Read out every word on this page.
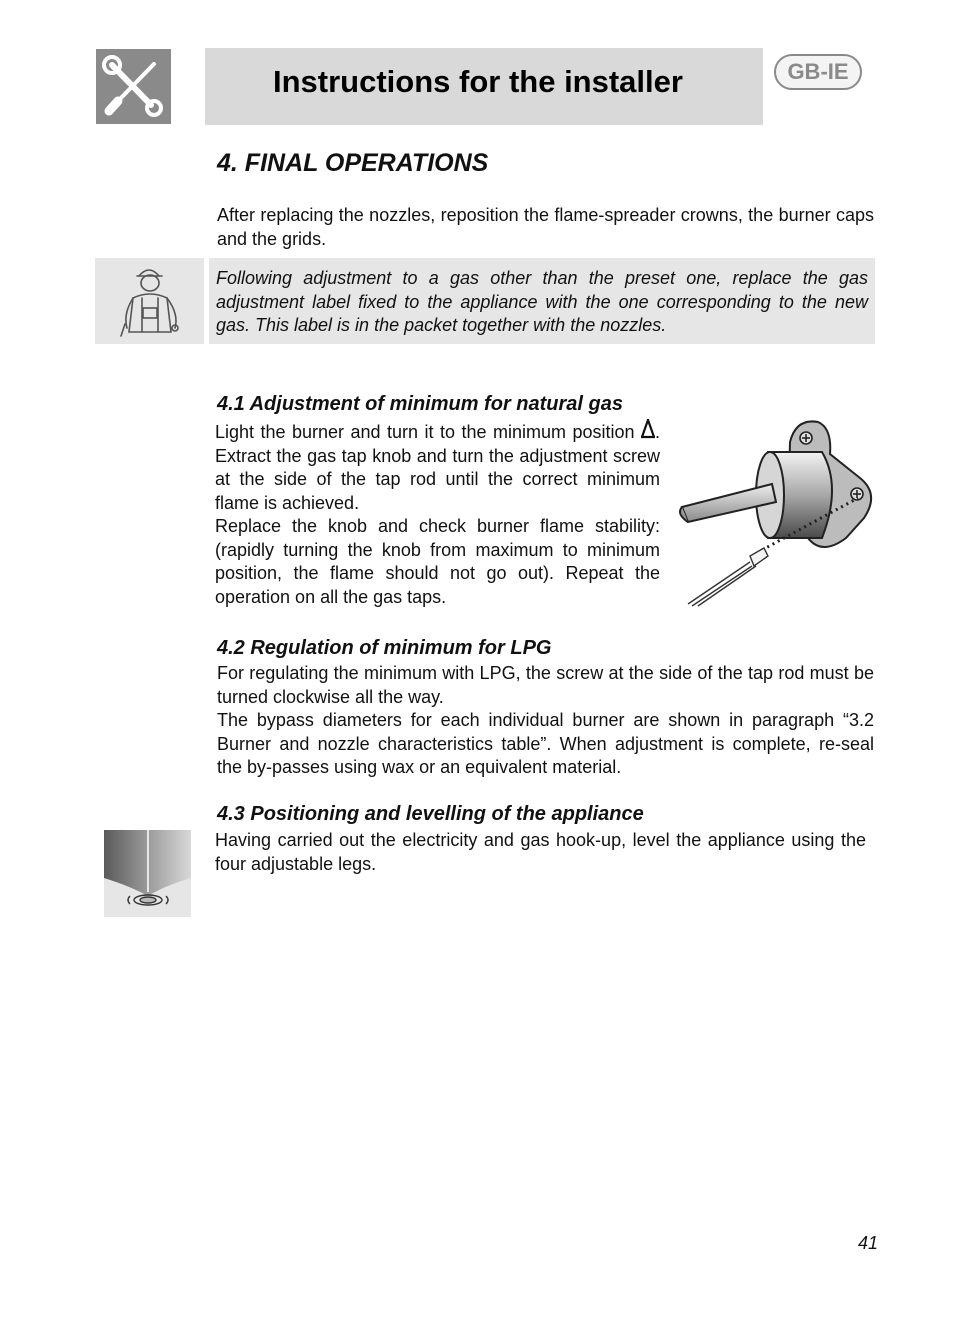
Instructions for the installer	GB-IE
4. FINAL OPERATIONS

After replacing the nozzles, reposition the flame-spreader crowns, the burner caps and the grids.

Following adjustment to a gas other than the preset one, replace the gas adjustment label fixed to the appliance with the one corresponding to the new gas. This label is in the packet together with the nozzles.

4.1 Adjustment of minimum for natural gas

Light the burner and turn it to the minimum position . Extract the gas tap knob and turn the adjustment screw at the side of the tap rod until the correct minimum flame is achieved.

Replace the knob and check burner flame stability: (rapidly turning the knob from maximum to minimum position, the flame should not go out). Repeat the operation on all the gas taps.

4.2 Regulation of minimum for LPG

For regulating the minimum with LPG, the screw at the side of the tap rod must be turned clockwise all the way.

The bypass diameters for each individual burner are shown in paragraph “3.2 Burner and nozzle characteristics table”. When adjustment is complete, re-seal the by-passes using wax or an equivalent material.

4.3 Positioning and levelling of the appliance

Having carried out the electricity and gas hook-up, level the appliance using the four adjustable legs.

41
